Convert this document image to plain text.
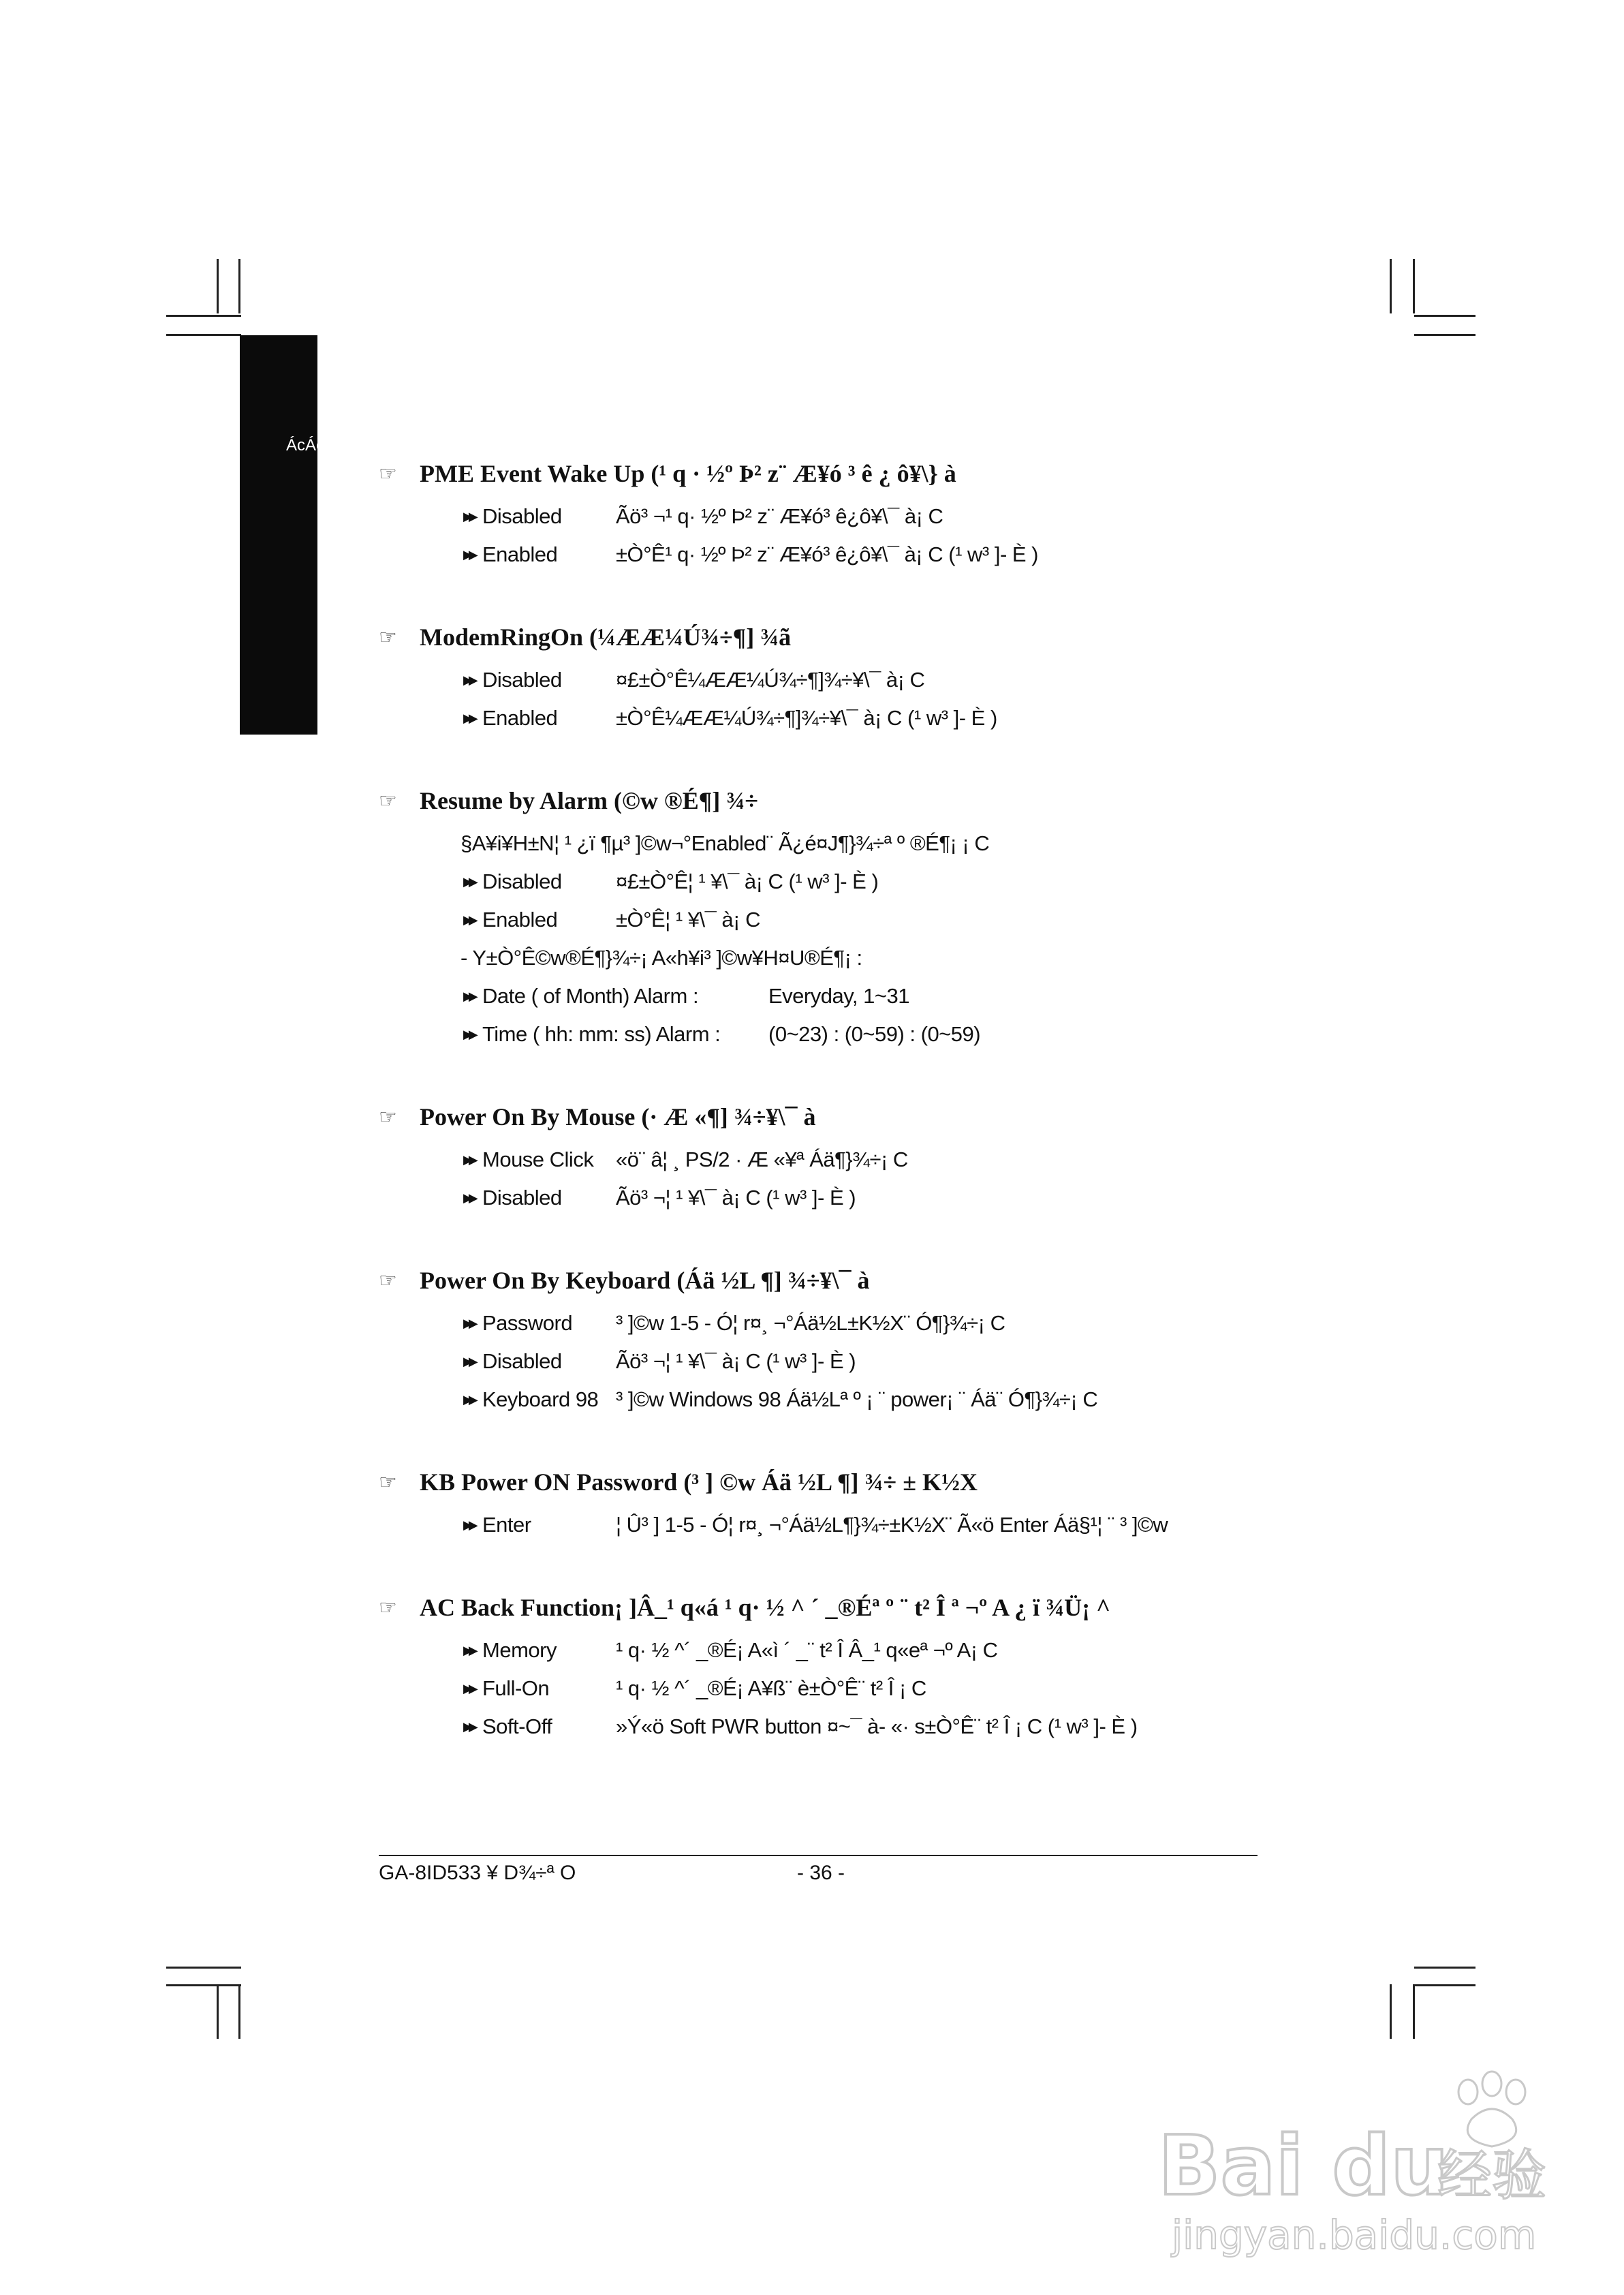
ÁcÁé
☞ PME Event Wake Up (¹ q · ½º Þ² z¨ Æ¥ó ³ ê ¿ ô¥\} à
▶▶ Disabled	Ãö³ ¬¹ q· ½º Þ² z¨ Æ¥ó³ ê¿ô¥\¯ à¡ C
▶▶ Enabled	±Ò°Ê¹ q· ½º Þ² z¨ Æ¥ó³ ê¿ô¥\¯ à¡ C (¹ w³ ]- È )
☞ ModemRingOn (¼ÆÆ¼Ú¾÷¶] ¾ã
▶▶ Disabled	¤£±Ò°Ê¼ÆÆ¼Ú¾÷¶]¾÷¥\¯ à¡ C
▶▶ Enabled	±Ò°Ê¼ÆÆ¼Ú¾÷¶]¾÷¥\¯ à¡ C (¹ w³ ]- È )
☞ Resume by Alarm (©w ®É¶] ¾÷
§A¥i¥H±N¦ ¹ ¿ï ¶µ³ ]©w¬°Enabled¨ Ã¿é¤J¶}¾÷ª º ®É¶¡ ¡ C
▶▶ Disabled	¤£±Ò°Ê¦ ¹ ¥\¯ à¡ C (¹ w³ ]- È )
▶▶ Enabled	±Ò°Ê¦ ¹ ¥\¯ à¡ C
- Y±Ò°Ê©w®É¶}¾÷¡ A«h¥i³ ]©w¥H¤U®É¶¡ :
▶▶ Date ( of Month) Alarm :	Everyday, 1~31
▶▶ Time ( hh: mm: ss) Alarm :	(0~23) : (0~59) : (0~59)
☞ Power On By Mouse (· Æ «¶] ¾÷¥\¯ à
▶▶ Mouse Click	«ö¨ â¦ ¸ PS/2 · Æ «¥ª Áä¶}¾÷¡ C
▶▶ Disabled	Ãö³ ¬¦ ¹ ¥\¯ à¡ C (¹ w³ ]- È )
☞ Power On By Keyboard (Áä ½L ¶] ¾÷¥\¯ à
▶▶ Password	³ ]©w 1-5 - Ó¦ r¤¸ ¬°Áä½L±K½X¨ Ó¶}¾÷¡ C
▶▶ Disabled	Ãö³ ¬¦ ¹ ¥\¯ à¡ C (¹ w³ ]- È )
▶▶ Keyboard 98 ³ ]©w Windows 98 Áä½Lª º ¡ ¨ power¡ ¨ Áä¨ Ó¶}¾÷¡ C
☞ KB Power ON Password (³ ] ©w Áä ½L ¶] ¾÷ ± K½X
▶▶ Enter	¦ Û³ ] 1-5 - Ó¦ r¤¸ ¬°Áä½L¶}¾÷±K½X¨ Ã«ö Enter Áä§¹¦ ¨ ³ ]©w
☞ AC Back Function¡ ]Â_¹ q«á ¹ q· ½ ^ ´ _®Éª º ¨ t² Î ª ¬º A ¿ ï ¾Ü¡ ^
▶▶ Memory	¹ q· ½ ^´ _®É¡ A«ì ´ _¨ t² Î Â_¹ q«eª ¬º A¡ C
▶▶ Full-On	¹ q· ½ ^´ _®É¡ A¥ß¨ è±Ò°Ê¨ t² Î ¡ C
▶▶ Soft-Off	»Ý«ö Soft PWR button ¤~¯ à- «· s±Ò°Ê¨ t² Î ¡ C (¹ w³ ]- È )
GA-8ID533 ¥ D¾÷ª O	- 36 -
Bai du
经验
jingyan.baidu.com
